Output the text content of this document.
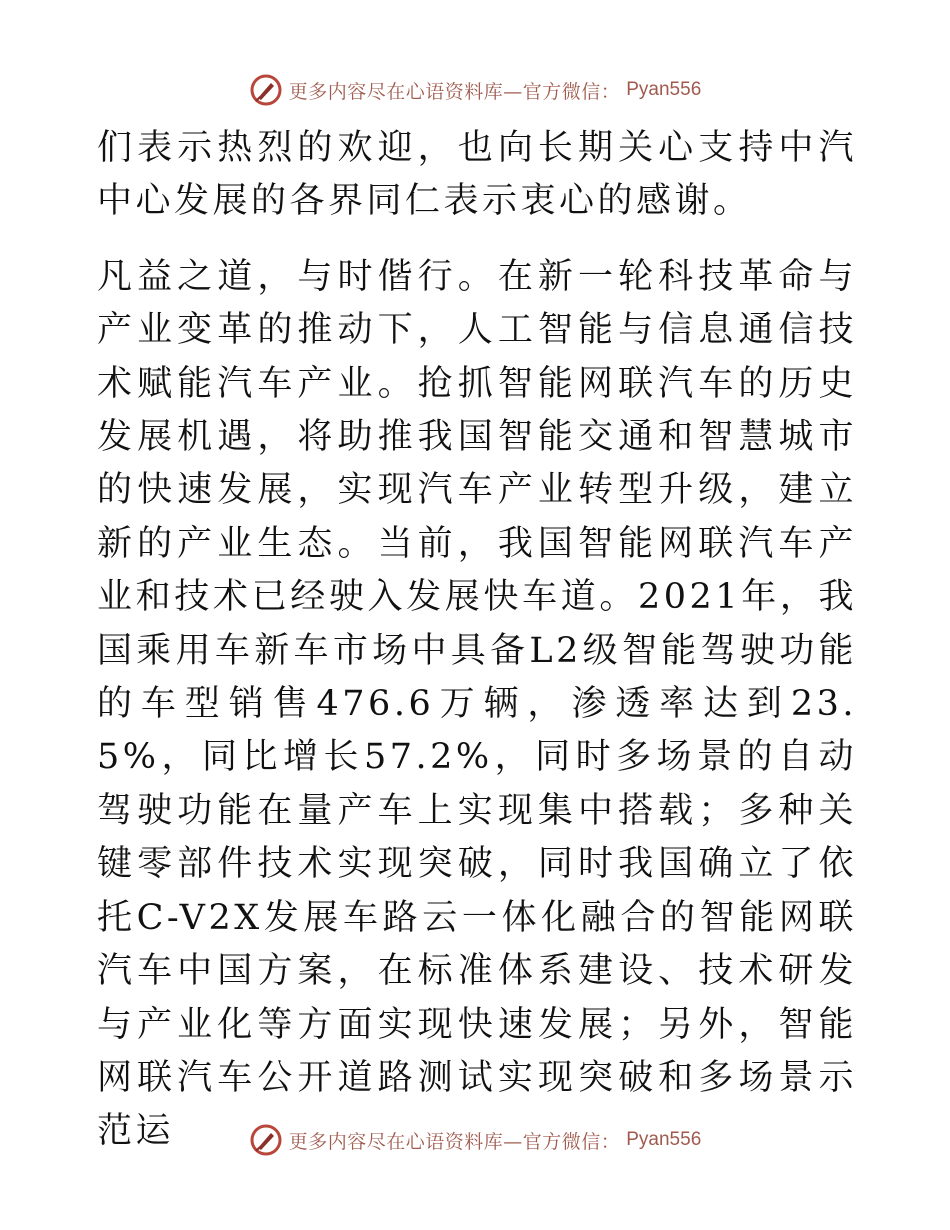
更多内容尽在心语资料库—官方微信： Pyan556

们表示热烈的欢迎，也向长期关心支持中汽中心发展的各界同仁表示衷心的感谢。

凡益之道，与时偕行。在新一轮科技革命与产业变革的推动下，人工智能与信息通信技术赋能汽车产业。抢抓智能网联汽车的历史发展机遇，将助推我国智能交通和智慧城市的快速发展，实现汽车产业转型升级，建立新的产业生态。当前，我国智能网联汽车产业和技术已经驶入发展快车道。2021年，我国乘用车新车市场中具备L2级智能驾驶功能的车型销售476.6万辆，渗透率达到23.5%，同比增长57.2%，同时多场景的自动驾驶功能在量产车上实现集中搭载；多种关键零部件技术实现突破，同时我国确立了依托C-V2X发展车路云一体化融合的智能网联汽车中国方案，在标准体系建设、技术研发与产业化等方面实现快速发展；另外，智能网联汽车公开道路测试实现突破和多场景示范运	更多内容尽在心语资料库—官方微信： Pyan556
